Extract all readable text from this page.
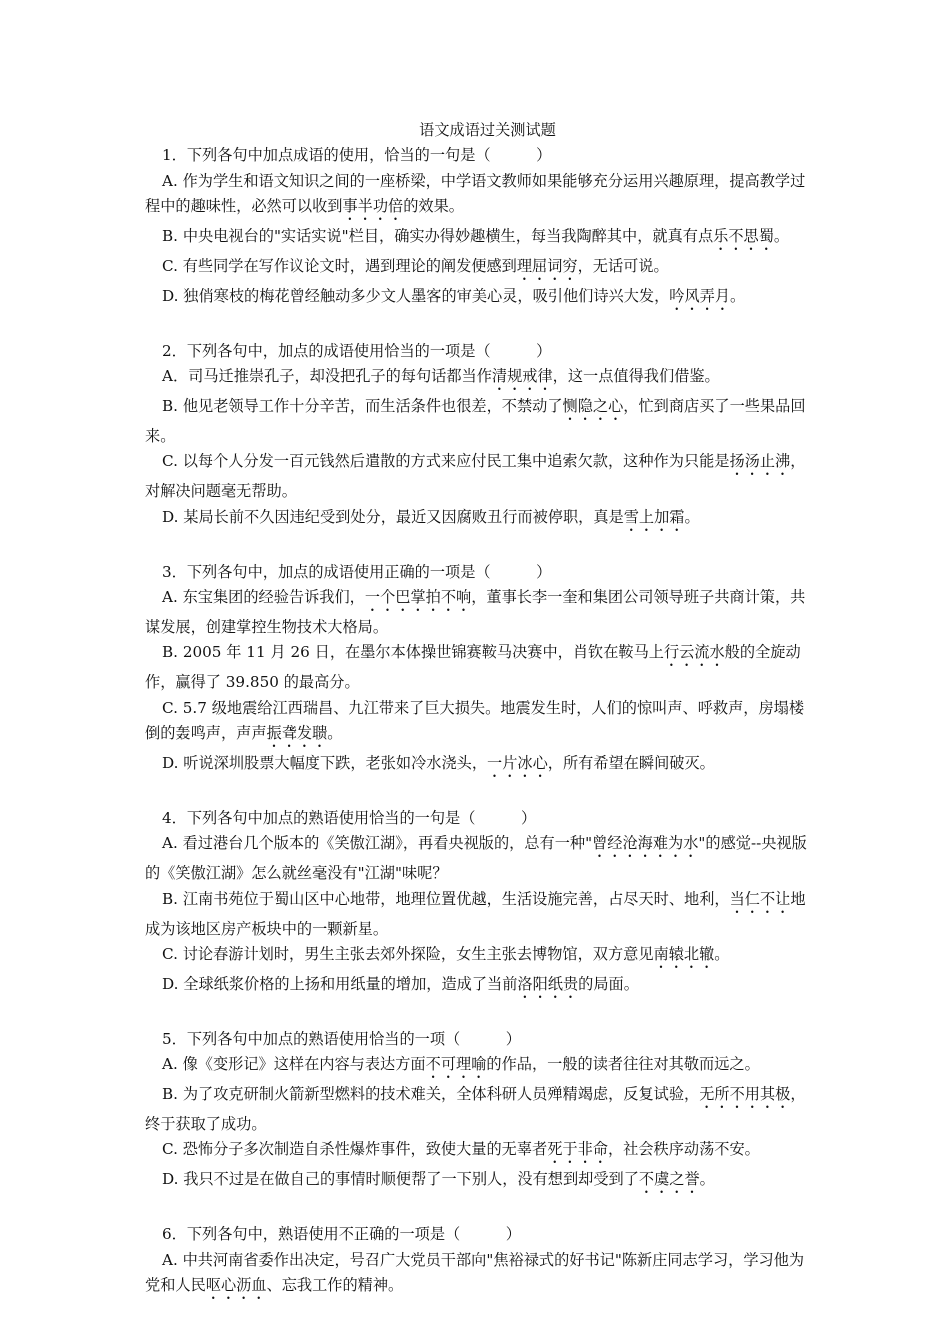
语文成语过关测试题

1．下列各句中加点成语的使用，恰当的一句是（　　　）

A. 作为学生和语文知识之间的一座桥梁，中学语文教师如果能够充分运用兴趣原理，提高教学过程中的趣味性，必然可以收到事半功倍的效果。

B. 中央电视台的"实话实说"栏目，确实办得妙趣横生，每当我陶醉其中，就真有点乐不思蜀。

C. 有些同学在写作议论文时，遇到理论的阐发便感到理屈词穷，无话可说。

D. 独俏寒枝的梅花曾经触动多少文人墨客的审美心灵，吸引他们诗兴大发，吟风弄月。

2．下列各句中，加点的成语使用恰当的一项是（　　　）

A．司马迁推崇孔子，却没把孔子的每句话都当作清规戒律，这一点值得我们借鉴。

B. 他见老领导工作十分辛苦，而生活条件也很差，不禁动了恻隐之心，忙到商店买了一些果品回来。

C. 以每个人分发一百元钱然后遣散的方式来应付民工集中追索欠款，这种作为只能是扬汤止沸，对解决问题毫无帮助。

D. 某局长前不久因违纪受到处分，最近又因腐败丑行而被停职，真是雪上加霜。

3．下列各句中，加点的成语使用正确的一项是（　　　）

A. 东宝集团的经验告诉我们，一个巴掌拍不响，董事长李一奎和集团公司领导班子共商计策，共谋发展，创建掌控生物技术大格局。

B. 2005 年 11 月 26 日，在墨尔本体操世锦赛鞍马决赛中，肖钦在鞍马上行云流水般的全旋动作，赢得了 39.850 的最高分。

C. 5.7 级地震给江西瑞昌、九江带来了巨大损失。地震发生时，人们的惊叫声、呼救声，房塌楼倒的轰鸣声，声声振聋发聩。

D. 听说深圳股票大幅度下跌，老张如冷水浇头，一片冰心，所有希望在瞬间破灭。

4．下列各句中加点的熟语使用恰当的一句是（　　　）

A. 看过港台几个版本的《笑傲江湖》，再看央视版的，总有一种"曾经沧海难为水"的感觉--央视版的《笑傲江湖》怎么就丝毫没有"江湖"味呢？

B. 江南书苑位于蜀山区中心地带，地理位置优越，生活设施完善，占尽天时、地利，当仁不让地成为该地区房产板块中的一颗新星。

C. 讨论春游计划时，男生主张去郊外探险，女生主张去博物馆，双方意见南辕北辙。

D. 全球纸浆价格的上扬和用纸量的增加，造成了当前洛阳纸贵的局面。

5．下列各句中加点的熟语使用恰当的一项（　　　）

A. 像《变形记》这样在内容与表达方面不可理喻的作品，一般的读者往往对其敬而远之。

B. 为了攻克研制火箭新型燃料的技术难关，全体科研人员殚精竭虑，反复试验，无所不用其极，终于获取了成功。

C. 恐怖分子多次制造自杀性爆炸事件，致使大量的无辜者死于非命，社会秩序动荡不安。

D. 我只不过是在做自己的事情时顺便帮了一下别人，没有想到却受到了不虞之誉。

6．下列各句中，熟语使用不正确的一项是（　　　）

A. 中共河南省委作出决定，号召广大党员干部向"焦裕禄式的好书记"陈新庄同志学习，学习他为党和人民呕心沥血、忘我工作的精神。
